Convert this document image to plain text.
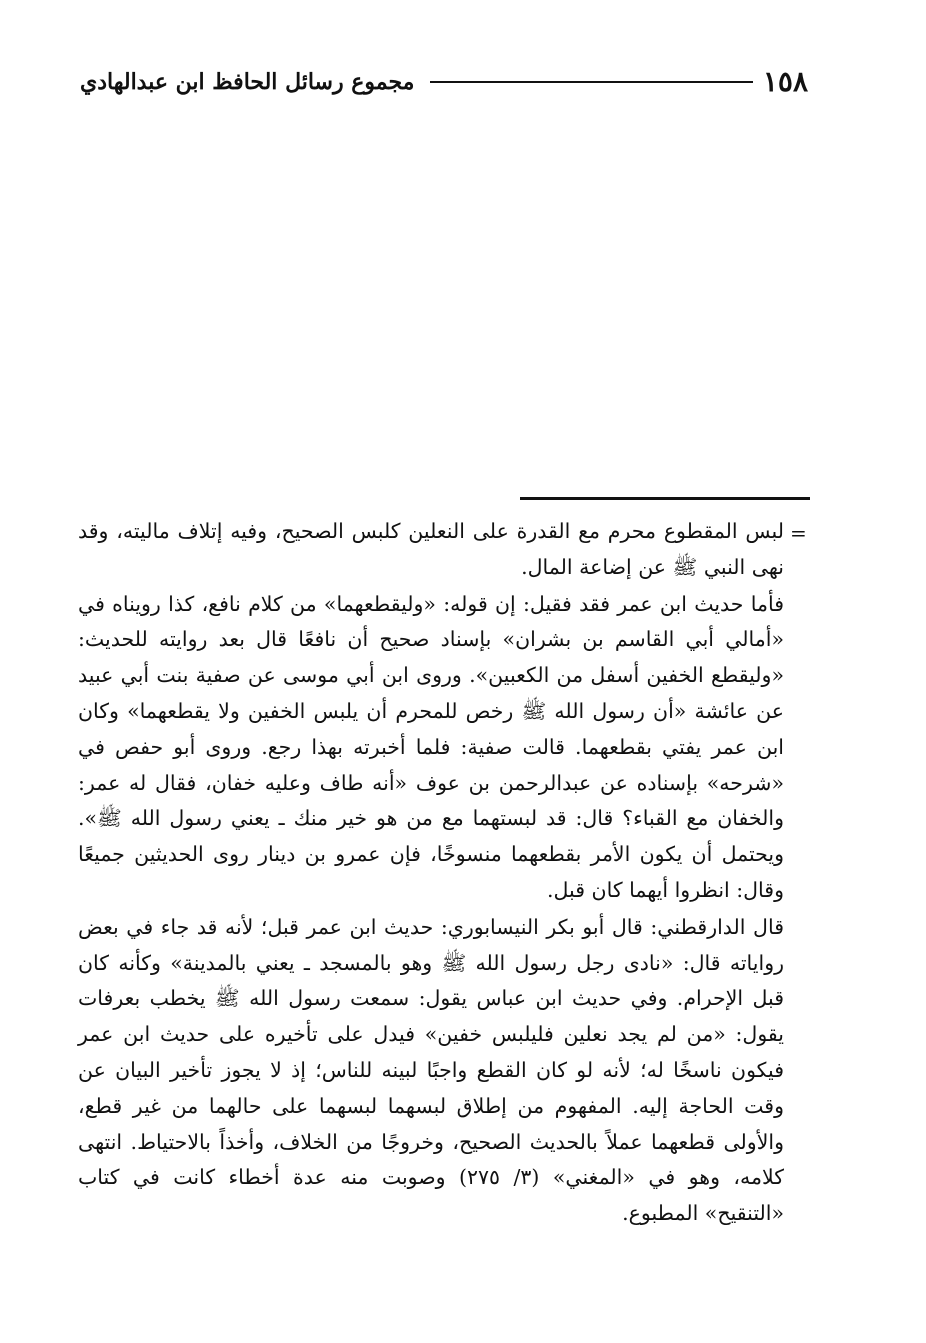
١٥٨
مجموع رسائل الحافظ ابن عبدالهادي
=

لبس المقطوع محرم مع القدرة على النعلين كلبس الصحيح، وفيه إتلاف ماليته، وقد نهى النبي ﷺ عن إضاعة المال.

فأما حديث ابن عمر فقد فقيل: إن قوله: «وليقطعهما» من كلام نافع، كذا رويناه في «أمالي أبي القاسم بن بشران» بإسناد صحيح أن نافعًا قال بعد روايته للحديث: «وليقطع الخفين أسفل من الكعبين». وروى ابن أبي موسى عن صفية بنت أبي عبيد عن عائشة «أن رسول الله ﷺ رخص للمحرم أن يلبس الخفين ولا يقطعهما» وكان ابن عمر يفتي بقطعهما. قالت صفية: فلما أخبرته بهذا رجع. وروى أبو حفص في «شرحه» بإسناده عن عبدالرحمن بن عوف «أنه طاف وعليه خفان، فقال له عمر: والخفان مع القباء؟ قال: قد لبستهما مع من هو خير منك ـ يعني رسول الله ﷺ». ويحتمل أن يكون الأمر بقطعهما منسوخًا، فإن عمرو بن دينار روى الحديثين جميعًا وقال: انظروا أيهما كان قبل.

قال الدارقطني: قال أبو بكر النيسابوري: حديث ابن عمر قبل؛ لأنه قد جاء في بعض رواياته قال: «نادى رجل رسول الله ﷺ وهو بالمسجد ـ يعني بالمدينة» وكأنه كان قبل الإحرام. وفي حديث ابن عباس يقول: سمعت رسول الله ﷺ يخطب بعرفات يقول: «من لم يجد نعلين فليلبس خفين» فيدل على تأخيره على حديث ابن عمر فيكون ناسخًا له؛ لأنه لو كان القطع واجبًا لبينه للناس؛ إذ لا يجوز تأخير البيان عن وقت الحاجة إليه. المفهوم من إطلاق لبسهما لبسهما على حالهما من غير قطع، والأولى قطعهما عملاً بالحديث الصحيح، وخروجًا من الخلاف، وأخذاً بالاحتياط. انتهى كلامه، وهو في «المغني» (٣/ ٢٧٥) وصوبت منه عدة أخطاء كانت في كتاب «التنقيح» المطبوع.
